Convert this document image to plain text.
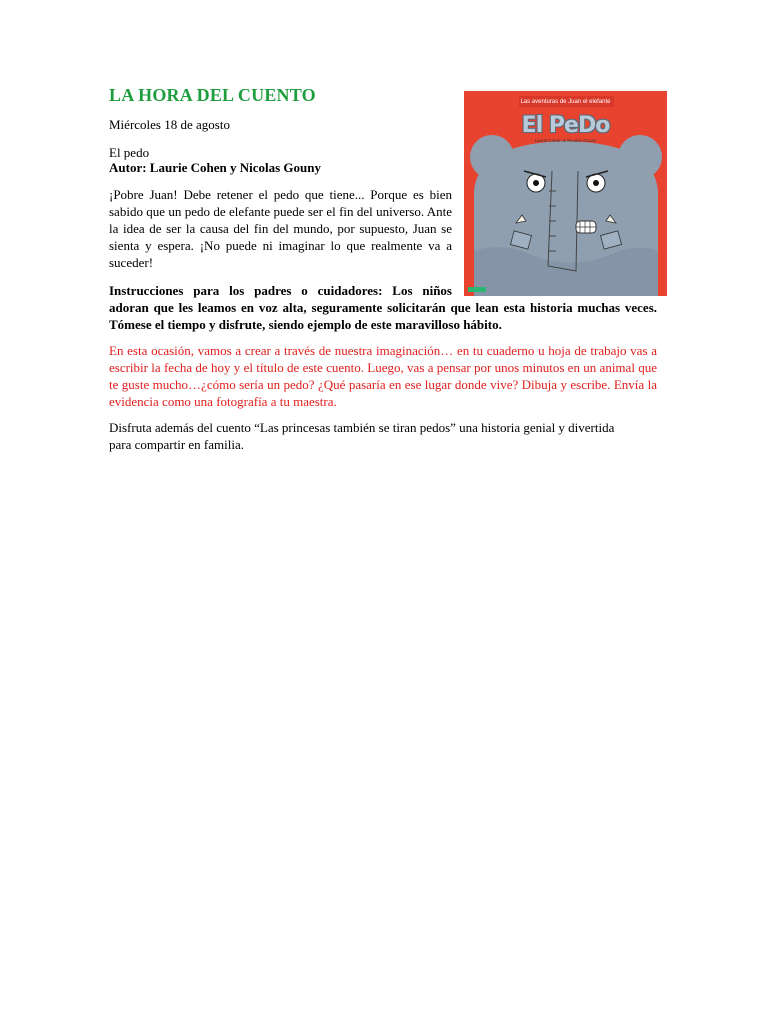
LA HORA DEL CUENTO
Miércoles 18 de agosto
El pedo
Autor: Laurie Cohen y Nicolas Gouny

¡Pobre Juan! Debe retener el pedo que tiene... Porque es bien sabido que un pedo de elefante puede ser el fin del universo. Ante la idea de ser la causa del fin del mundo, por supuesto, Juan se sienta y espera. ¡No puede ni imaginar lo que realmente va a suceder!

Instrucciones para los padres o cuidadores: Los niños
adoran que les leamos en voz alta, seguramente solicitarán que lean esta historia muchas veces. Tómese el tiempo y disfrute, siendo ejemplo de este maravilloso hábito.

En esta ocasión, vamos a crear a través de nuestra imaginación… en tu cuaderno u hoja de trabajo vas a escribir la fecha de hoy y el título de este cuento. Luego, vas a pensar por unos minutos en un animal que te guste mucho…¿cómo sería un pedo? ¿Qué pasaría en ese lugar donde vive? Dibuja y escribe. Envía la evidencia como una fotografía a tu maestra.

Disfruta además del cuento “Las princesas también se tiran pedos” una historia genial y divertida para compartir en familia.

Las aventuras de Juan el elefante
El PeDo
Laurie Cohen & Nicolas Gouny
